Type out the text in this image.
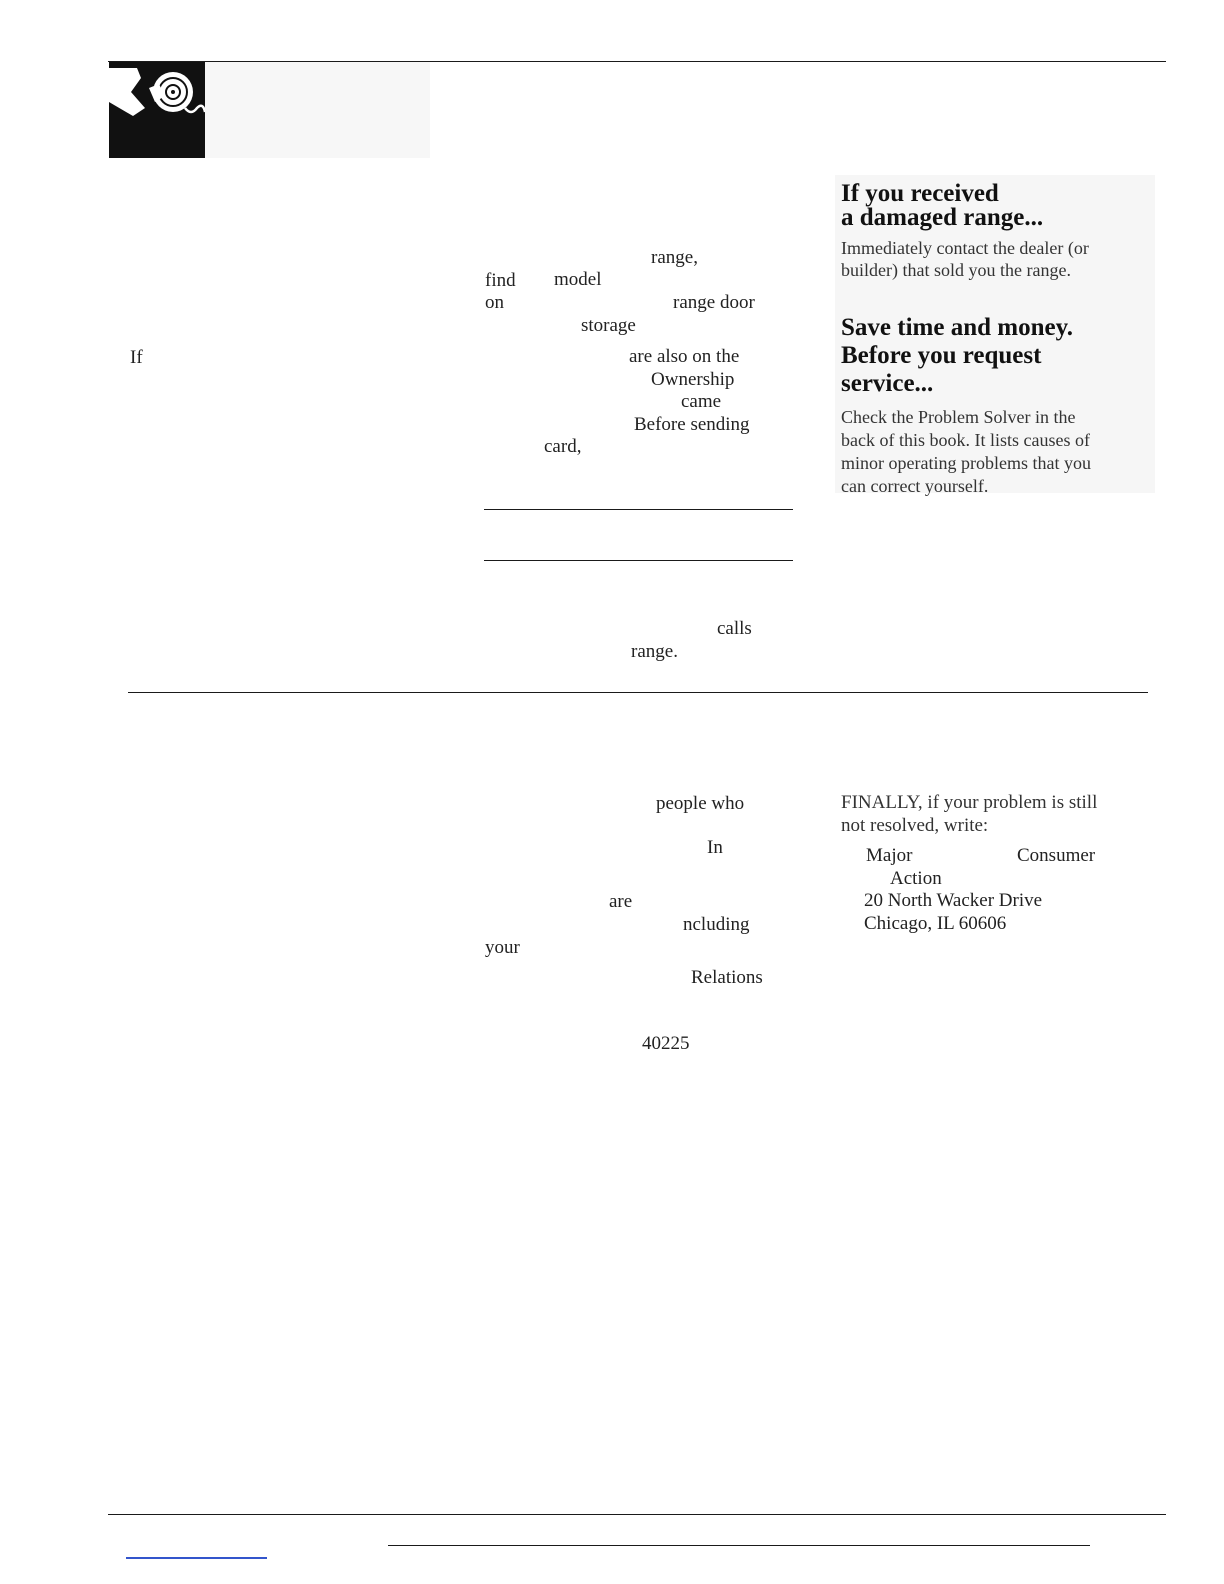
If
range,
find model
on	range door
storage
are also on the
Ownership
came
Before sending
card,
calls
range.
If you received
a damaged range...
Immediately contact the dealer (or
builder) that sold you the range.
Save time and money.
Before you request
service...
Check the Problem Solver in the
back of this book. It lists causes of
minor operating problems that you
can correct yourself.
people who
In
are
ncluding
your
Relations
40225
FINALLY, if your problem is still
not resolved, write:
Major	Consumer
Action
20 North Wacker Drive
Chicago, IL 60606
